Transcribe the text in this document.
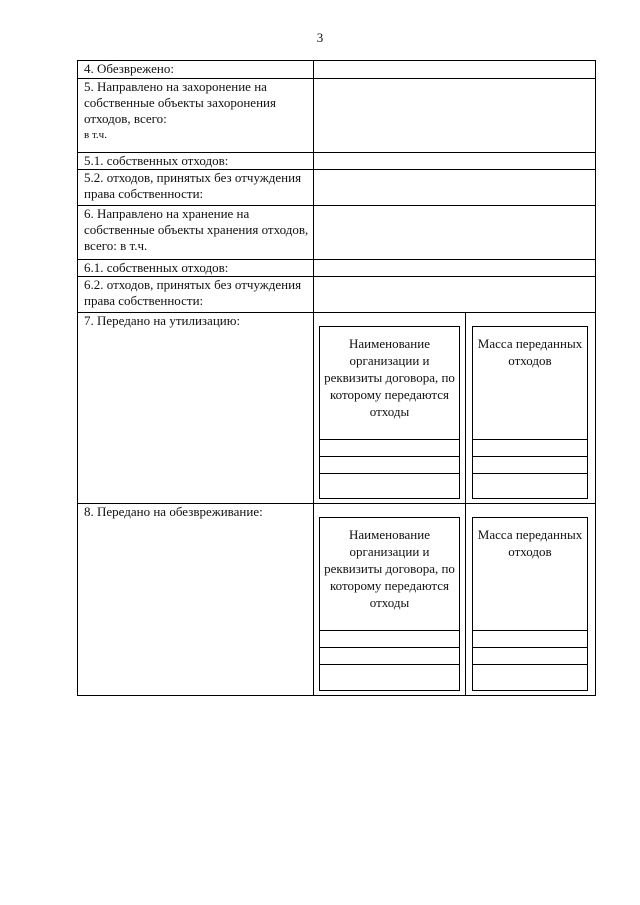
3
4. Обезврежено:	

5. Направлено на захоронение на собственные объекты захоронения отходов, всего:
в т.ч.	

5.1. собственных отходов:	
5.2. отходов, принятых без отчуждения права собственности:	
6. Направлено на хранение на собственные объекты хранения отходов, всего: в т.ч.	
6.1. собственных отходов:	
6.2. отходов, принятых без отчуждения права собственности:	
7. Передано на утилизацию:	Наименование организации и реквизиты договора, по которому передаются отходы
Масса переданных отходов

8. Передано на обезвреживание:	Наименование организации и реквизиты договора, по которому передаются отходы
Масса переданных отходов
